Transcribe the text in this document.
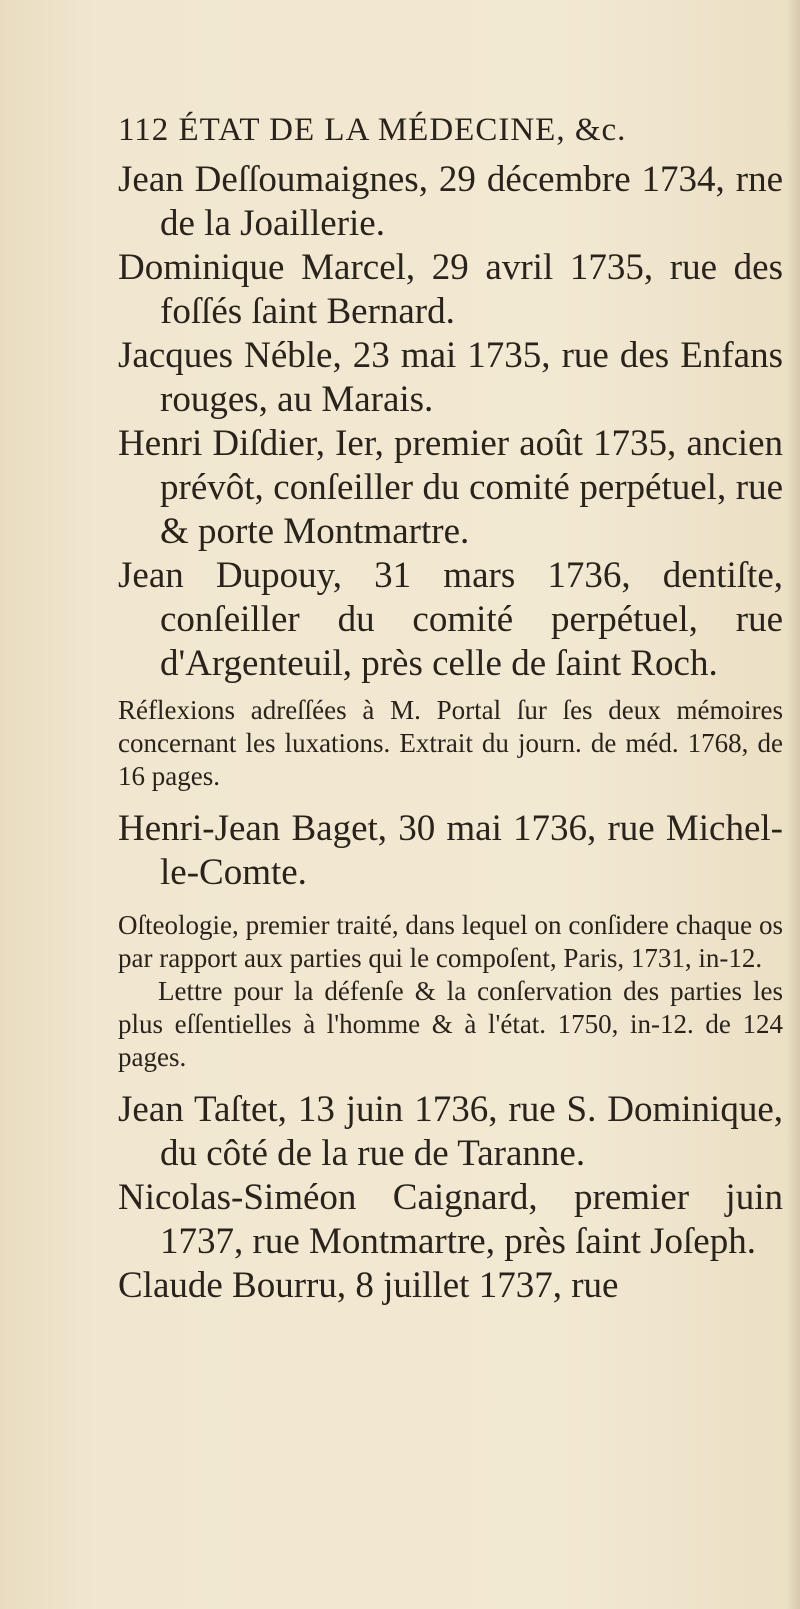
112 ÉTAT DE LA MÉDECINE, &c.

Jean Deſſoumaignes, 29 décembre 1734, rne de la Joaillerie.

Dominique Marcel, 29 avril 1735, rue des foſſés ſaint Bernard.

Jacques Néble, 23 mai 1735, rue des Enfans rouges, au Marais.

Henri Diſdier, Ier, premier août 1735, ancien prévôt, conſeiller du comité perpétuel, rue & porte Montmartre.

Jean Dupouy, 31 mars 1736, dentiſte, conſeiller du comité perpétuel, rue d'Argenteuil, près celle de ſaint Roch.

Réflexions adreſſées à M. Portal ſur ſes deux mémoires concernant les luxations. Extrait du journ. de méd. 1768, de 16 pages.

Henri-Jean Baget, 30 mai 1736, rue Michel-le-Comte.

Oſteologie, premier traité, dans lequel on conſidere chaque os par rapport aux parties qui le compoſent, Paris, 1731, in-12.

Lettre pour la défenſe & la conſervation des parties les plus eſſentielles à l'homme & à l'état. 1750, in-12. de 124 pages.

Jean Taſtet, 13 juin 1736, rue S. Dominique, du côté de la rue de Taranne.

Nicolas-Siméon Caignard, premier juin 1737, rue Montmartre, près ſaint Joſeph.

Claude Bourru, 8 juillet 1737, rue
